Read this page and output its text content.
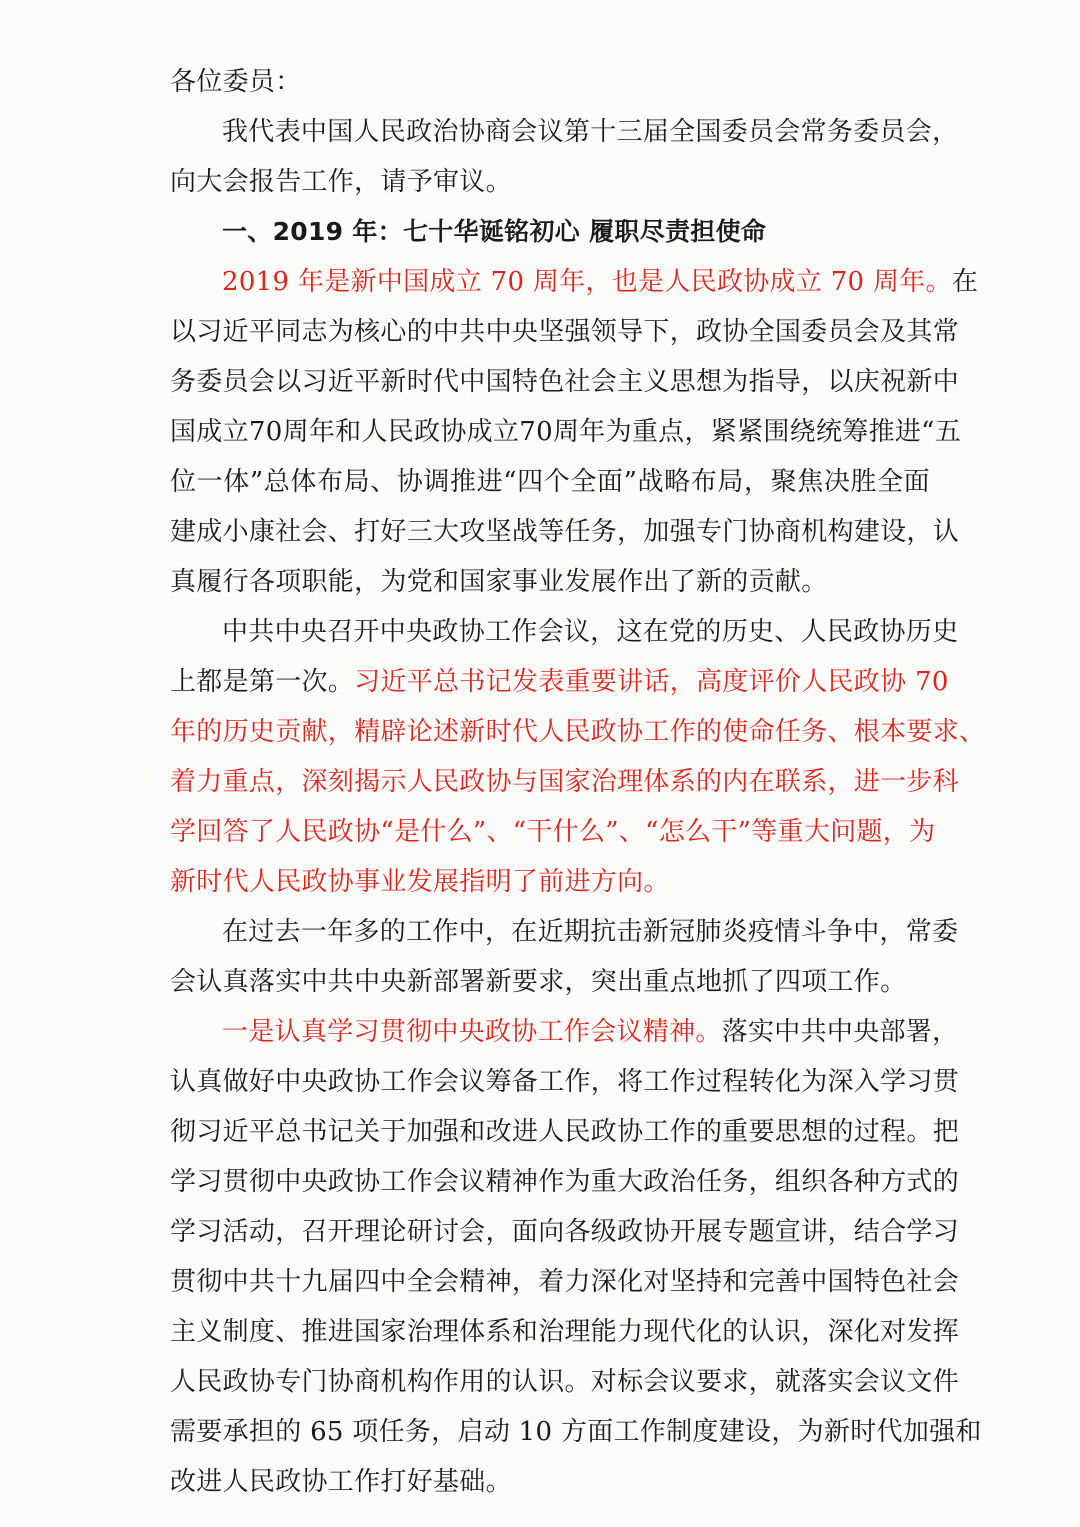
各位委员：
我代表中国人民政治协商会议第十三届全国委员会常务委员会，
向大会报告工作，请予审议。
一、2019 年：七十华诞铭初心 履职尽责担使命
2019 年是新中国成立 70 周年，也是人民政协成立 70 周年。在
以习近平同志为核心的中共中央坚强领导下，政协全国委员会及其常
务委员会以习近平新时代中国特色社会主义思想为指导，以庆祝新中
国成立70周年和人民政协成立70周年为重点，紧紧围绕统筹推进“五
位一体”总体布局、协调推进“四个全面”战略布局，聚焦决胜全面
建成小康社会、打好三大攻坚战等任务，加强专门协商机构建设，认
真履行各项职能，为党和国家事业发展作出了新的贡献。
中共中央召开中央政协工作会议，这在党的历史、人民政协历史
上都是第一次。习近平总书记发表重要讲话，高度评价人民政协 70
年的历史贡献，精辟论述新时代人民政协工作的使命任务、根本要求、
着力重点，深刻揭示人民政协与国家治理体系的内在联系，进一步科
学回答了人民政协“是什么”、“干什么”、“怎么干”等重大问题，为
新时代人民政协事业发展指明了前进方向。
在过去一年多的工作中，在近期抗击新冠肺炎疫情斗争中，常委
会认真落实中共中央新部署新要求，突出重点地抓了四项工作。
一是认真学习贯彻中央政协工作会议精神。落实中共中央部署，
认真做好中央政协工作会议筹备工作，将工作过程转化为深入学习贯
彻习近平总书记关于加强和改进人民政协工作的重要思想的过程。把
学习贯彻中央政协工作会议精神作为重大政治任务，组织各种方式的
学习活动，召开理论研讨会，面向各级政协开展专题宣讲，结合学习
贯彻中共十九届四中全会精神，着力深化对坚持和完善中国特色社会
主义制度、推进国家治理体系和治理能力现代化的认识，深化对发挥
人民政协专门协商机构作用的认识。对标会议要求，就落实会议文件
需要承担的 65 项任务，启动 10 方面工作制度建设，为新时代加强和
改进人民政协工作打好基础。
